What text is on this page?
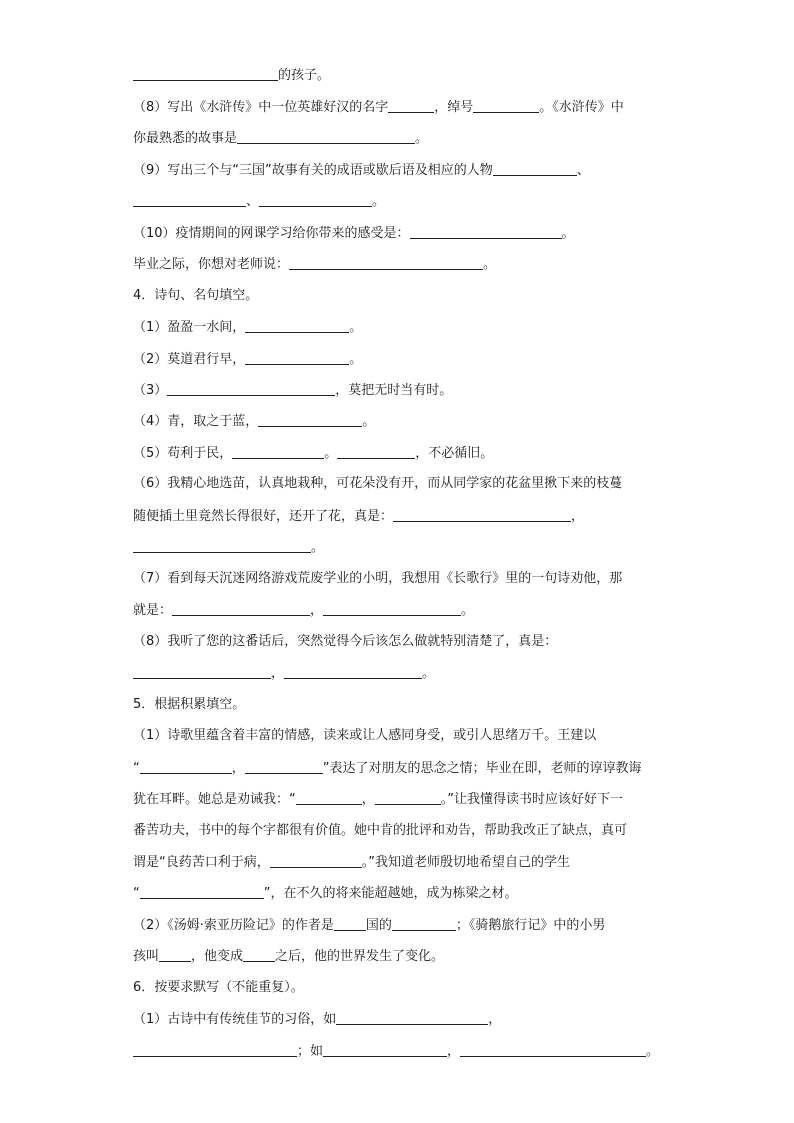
的孩子。
（8）写出《水浒传》中一位英雄好汉的名字	，绰号	。《水浒传》中
你最熟悉的故事是	。
（9）写出三个与“三国”故事有关的成语或歇后语及相应的人物	、
、	。
（10）疫情期间的网课学习给你带来的感受是：	。
毕业之际，你想对老师说：	。
4．诗句、名句填空。
（1）盈盈一水间，	。
（2）莫道君行早，	。
（3）	，莫把无时当有时。
（4）青，取之于蓝，	。
（5）苟利于民，	。	，不必循旧。
（6）我精心地选苗，认真地栽种，可花朵没有开，而从同学家的花盆里揪下来的枝蔓
随便插土里竟然长得很好，还开了花，真是：	，
。
（7）看到每天沉迷网络游戏荒废学业的小明，我想用《长歌行》里的一句诗劝他，那
就是：	，	。
（8）我听了您的这番话后，突然觉得今后该怎么做就特别清楚了，真是：
，	。
5．根据积累填空。
（1）诗歌里蕴含着丰富的情感，读来或让人感同身受，或引人思绪万千。王建以
“	，	”表达了对朋友的思念之情；毕业在即，老师的谆谆教诲
犹在耳畔。她总是劝诫我：“	，	。”让我懂得读书时应该好好下一
番苦功夫，书中的每个字都很有价值。她中肯的批评和劝告，帮助我改正了缺点，真可
谓是“良药苦口利于病，	。”我知道老师殷切地希望自己的学生
“	”，在不久的将来能超越她，成为栋梁之材。
（2）《汤姆·索亚历险记》的作者是 国的	；《骑鹅旅行记》中的小男
孩叫 ，他变成 之后，他的世界发生了变化。
6．按要求默写（不能重复）。
（1）古诗中有传统佳节的习俗，如	，
；如	，	。
